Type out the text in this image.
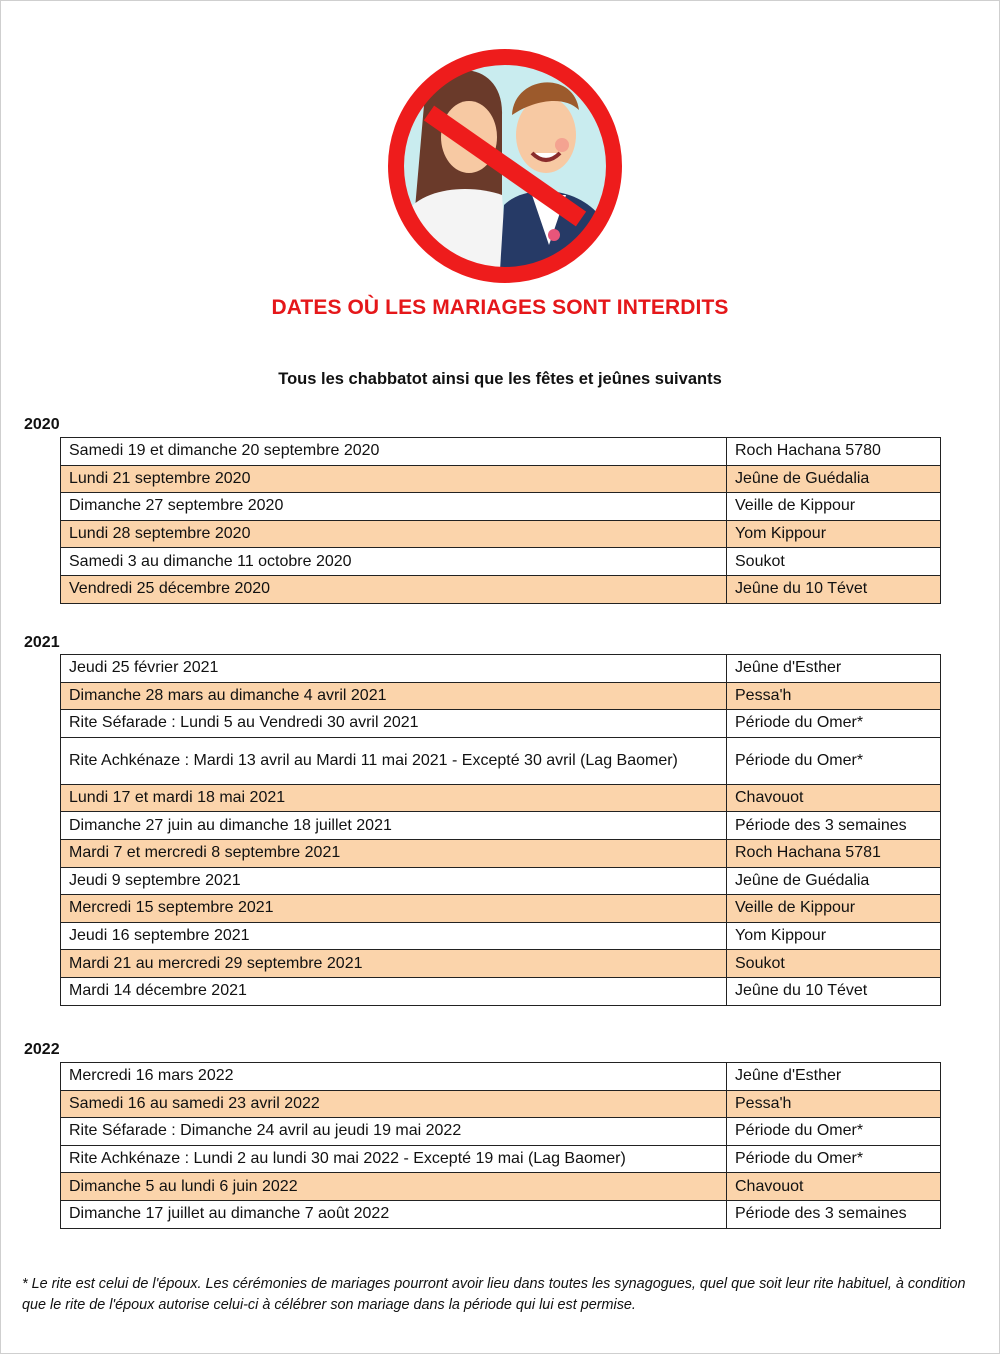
DATES OÙ LES MARIAGES SONT INTERDITS
Tous les chabbatot ainsi que les fêtes et jeûnes suivants
2020
Samedi 19 et dimanche 20 septembre 2020	Roch Hachana 5780
Lundi 21 septembre 2020	Jeûne de Guédalia
Dimanche 27 septembre 2020	Veille de Kippour
Lundi 28 septembre 2020	Yom Kippour
Samedi 3 au dimanche 11 octobre 2020	Soukot
Vendredi 25 décembre 2020	Jeûne du 10 Tévet
2021
Jeudi 25 février 2021	Jeûne d'Esther
Dimanche 28 mars au dimanche 4 avril 2021	Pessa'h
Rite Séfarade : Lundi 5 au Vendredi 30 avril 2021	Période du Omer*
Rite Achkénaze : Mardi 13 avril au Mardi 11 mai 2021 - Excepté 30 avril (Lag Baomer)	Période du Omer*
Lundi 17 et mardi 18 mai 2021	Chavouot
Dimanche 27 juin au dimanche 18 juillet 2021	Période des 3 semaines
Mardi 7 et mercredi 8 septembre 2021	Roch Hachana 5781
Jeudi 9 septembre 2021	Jeûne de Guédalia
Mercredi 15 septembre 2021	Veille de Kippour
Jeudi 16 septembre 2021	Yom Kippour
Mardi 21 au mercredi 29 septembre 2021	Soukot
Mardi 14 décembre 2021	Jeûne du 10 Tévet
2022
Mercredi 16 mars 2022	Jeûne d'Esther
Samedi 16 au samedi 23 avril 2022	Pessa'h
Rite Séfarade : Dimanche 24 avril au jeudi 19 mai 2022	Période du Omer*
Rite Achkénaze : Lundi 2 au lundi 30 mai 2022 - Excepté 19 mai (Lag Baomer)	Période du Omer*
Dimanche 5 au lundi 6 juin 2022	Chavouot
Dimanche 17 juillet au dimanche 7 août 2022	Période des 3 semaines
* Le rite est celui de l'époux. Les cérémonies de mariages pourront avoir lieu dans toutes les synagogues, quel que soit leur rite habituel, à condition que le rite de l'époux autorise celui-ci à célébrer son mariage dans la période qui lui est permise.
